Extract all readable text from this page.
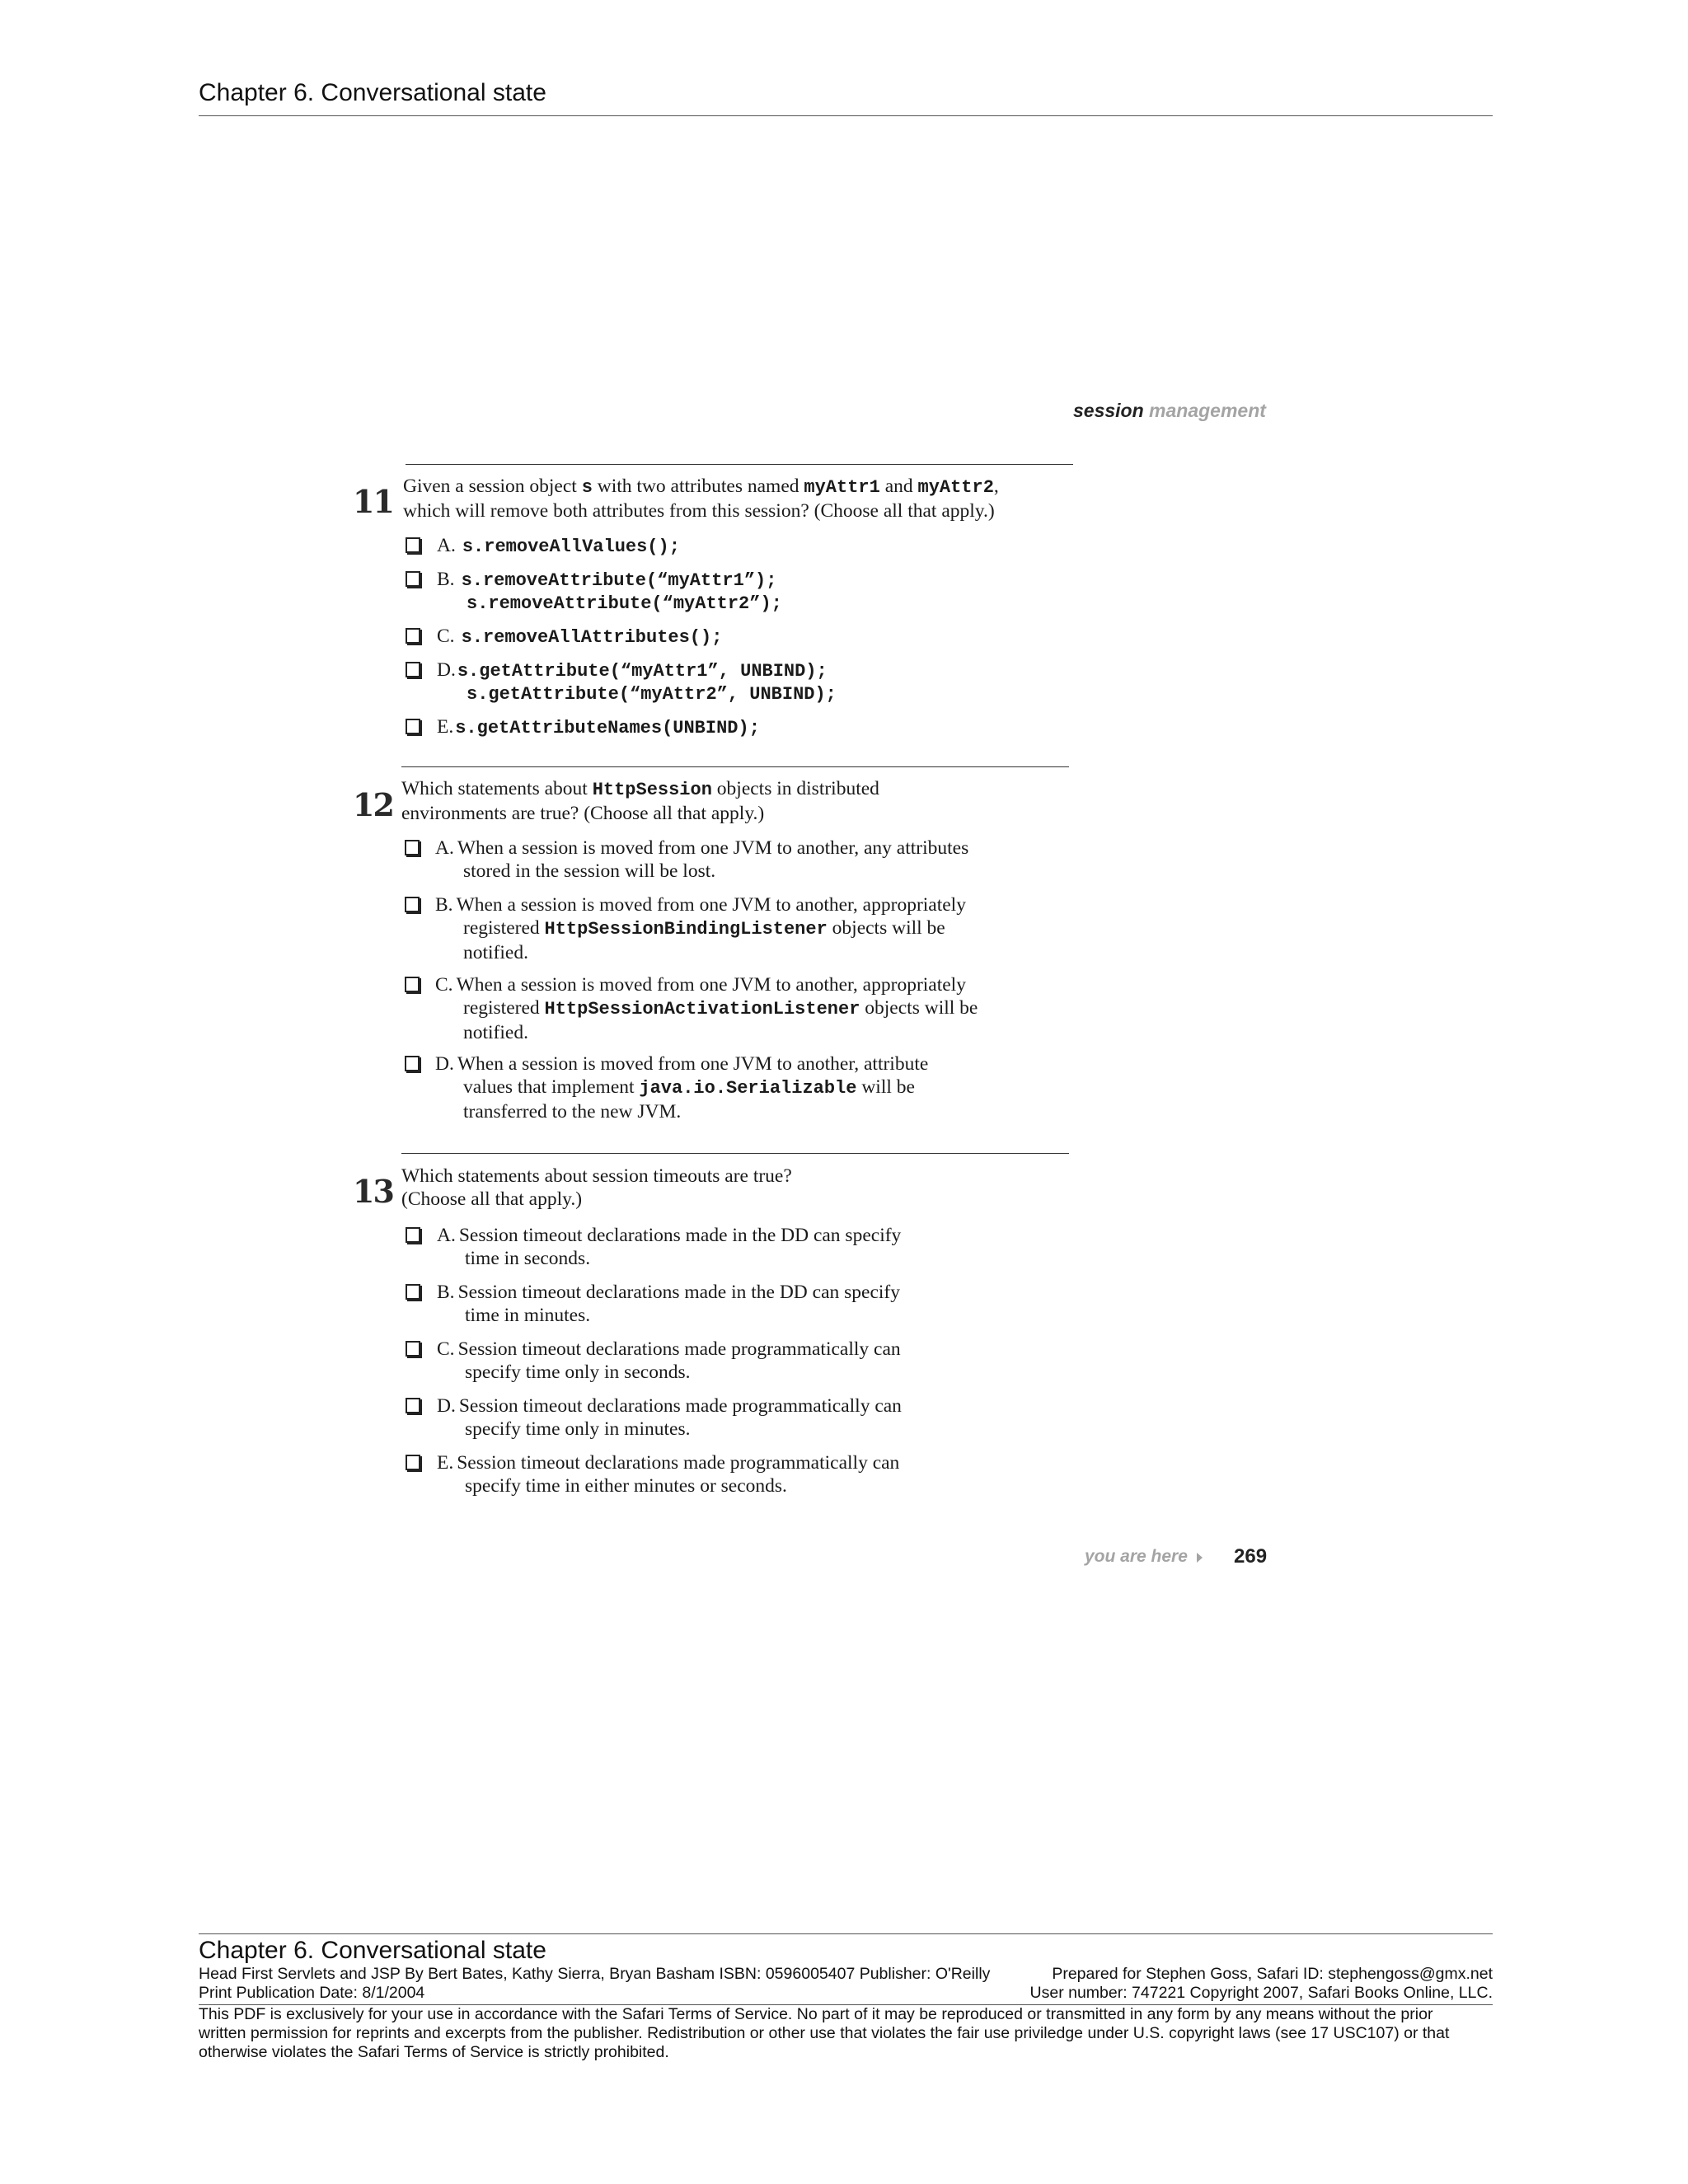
Chapter 6. Conversational state
session management
11 Given a session object s with two attributes named myAttr1 and myAttr2,
which will remove both attributes from this session? (Choose all that apply.)
A. s.removeAllValues();
B. s.removeAttribute(“myAttr1”);
s.removeAttribute(“myAttr2”);
C. s.removeAllAttributes();
D.s.getAttribute(“myAttr1”, UNBIND);
s.getAttribute(“myAttr2”, UNBIND);
E.s.getAttributeNames(UNBIND);
12 Which statements about HttpSession objects in distributed
environments are true? (Choose all that apply.)
A. When a session is moved from one JVM to another, any attributes
stored in the session will be lost.
B. When a session is moved from one JVM to another, appropriately
registered HttpSessionBindingListener objects will be
notified.
C. When a session is moved from one JVM to another, appropriately
registered HttpSessionActivationListener objects will be
notified.
D. When a session is moved from one JVM to another, attribute
values that implement java.io.Serializable will be
transferred to the new JVM.
13 Which statements about session timeouts are true?
(Choose all that apply.)
A. Session timeout declarations made in the DD can specify
time in seconds.
B. Session timeout declarations made in the DD can specify
time in minutes.
C. Session timeout declarations made programmatically can
specify time only in seconds.
D. Session timeout declarations made programmatically can
specify time only in minutes.
E. Session timeout declarations made programmatically can
specify time in either minutes or seconds.
you are here 269
Chapter 6. Conversational state
Head First Servlets and JSP By Bert Bates, Kathy Sierra, Bryan Basham ISBN: 0596005407 Publisher: O'Reilly	Prepared for Stephen Goss, Safari ID: stephengoss@gmx.net
Print Publication Date: 8/1/2004	User number: 747221 Copyright 2007, Safari Books Online, LLC.
This PDF is exclusively for your use in accordance with the Safari Terms of Service. No part of it may be reproduced or transmitted in any form by any means without the prior
written permission for reprints and excerpts from the publisher. Redistribution or other use that violates the fair use priviledge under U.S. copyright laws (see 17 USC107) or that
otherwise violates the Safari Terms of Service is strictly prohibited.
